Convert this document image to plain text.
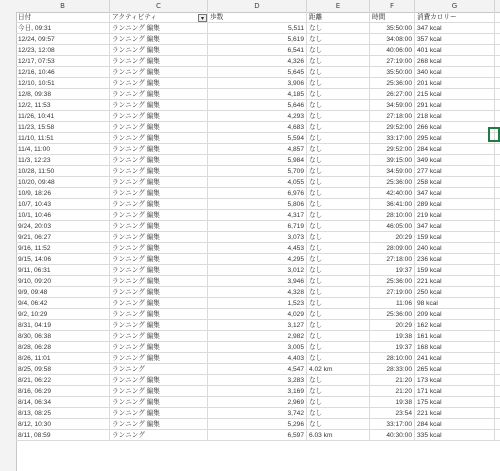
B	C	D	E	F	G
日付	アクティビティ	▾ 歩数	距離	時間	消費カロリー
今日, 09:31	ランニング 編集	5,511 なし	35:50:00 347 kcal
12/24, 09:57	ランニング 編集	5,619 なし	34:08:00 357 kcal
12/23, 12:08	ランニング 編集	6,541 なし	40:06:00 401 kcal
12/17, 07:53	ランニング 編集	4,326 なし	27:19:00 268 kcal
12/16, 10:46	ランニング 編集	5,645 なし	35:50:00 340 kcal
12/10, 10:51	ランニング 編集	3,906 なし	25:36:00 201 kcal
12/8, 09:38	ランニング 編集	4,185 なし	26:27:00 215 kcal
12/2, 11:53	ランニング 編集	5,646 なし	34:59:00 291 kcal
11/26, 10:41	ランニング 編集	4,293 なし	27:18:00 218 kcal
11/23, 15:58	ランニング 編集	4,683 なし	29:52:00 266 kcal
11/10, 11:51	ランニング 編集	5,594 なし	33:17:00 295 kcal
11/4, 11:00	ランニング 編集	4,857 なし	29:52:00 284 kcal
11/3, 12:23	ランニング 編集	5,984 なし	39:15:00 349 kcal
10/28, 11:50	ランニング 編集	5,709 なし	34:59:00 277 kcal
10/20, 09:48	ランニング 編集	4,055 なし	25:36:00 258 kcal
10/9, 18:26	ランニング 編集	6,976 なし	42:40:00 347 kcal
10/7, 10:43	ランニング 編集	5,806 なし	36:41:00 289 kcal
10/1, 10:46	ランニング 編集	4,317 なし	28:10:00 219 kcal
9/24, 20:03	ランニング 編集	6,719 なし	46:05:00 347 kcal
9/21, 06:27	ランニング 編集	3,073 なし	20:29 159 kcal
9/16, 11:52	ランニング 編集	4,453 なし	28:09:00 240 kcal
9/15, 14:06	ランニング 編集	4,295 なし	27:18:00 236 kcal
9/11, 06:31	ランニング 編集	3,012 なし	19:37 159 kcal
9/10, 09:20	ランニング 編集	3,946 なし	25:36:00 221 kcal
9/9, 09:48	ランニング 編集	4,328 なし	27:19:00 250 kcal
9/4, 06:42	ランニング 編集	1,523 なし	11:06 98 kcal
9/2, 10:29	ランニング 編集	4,029 なし	25:36:00 209 kcal
8/31, 04:19	ランニング 編集	3,127 なし	20:29 162 kcal
8/30, 06:38	ランニング 編集	2,982 なし	19:38 161 kcal
8/28, 06:28	ランニング 編集	3,005 なし	19:37 168 kcal
8/26, 11:01	ランニング 編集	4,403 なし	28:10:00 241 kcal
8/25, 09:58	ランニング	4,547 4.02 km	28:33:00 265 kcal
8/21, 06:22	ランニング 編集	3,283 なし	21:20 173 kcal
8/16, 06:29	ランニング 編集	3,169 なし	21:20 171 kcal
8/14, 06:34	ランニング 編集	2,969 なし	19:38 175 kcal
8/13, 08:25	ランニング 編集	3,742 なし	23:54 221 kcal
8/12, 10:30	ランニング 編集	5,296 なし	33:17:00 284 kcal
8/11, 08:59	ランニング	6,597 6.03 km	40:30:00 335 kcal
